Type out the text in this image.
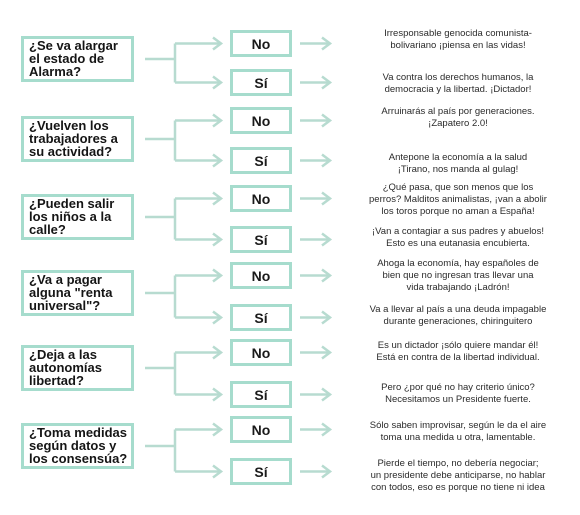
¿Se va alargar
el estado de
Alarma?
No
Irresponsable genocida comunista-
bolivariano ¡piensa en las vidas!
Sí	Va contra los derechos humanos, la
democracia y la libertad. ¡Dictador!
¿Vuelven los
trabajadores a
su actividad?
No
Arruinarás al país por generaciones.
¡Zapatero 2.0!
Sí	Antepone la economía a la salud
¡Tirano, nos manda al gulag!
¿Pueden salir
los niños a la
calle?
No
¿Qué pasa, que son menos que los
perros? Malditos animalistas, ¡van a abolir
los toros porque no aman a España!
Sí	¡Van a contagiar a sus padres y abuelos!
Esto es una eutanasia encubierta.
¿Va a pagar
alguna "renta
universal"?
No
Ahoga la economía, hay españoles de
bien que no ingresan tras llevar una
vida trabajando ¡Ladrón!
Sí	Va a llevar al país a una deuda impagable
durante generaciones, chiringuitero
¿Deja a las
autonomías
libertad?
No	Es un dictador ¡sólo quiere mandar él!
Está en contra de la libertad individual.
Sí	Pero ¿por qué no hay criterio único?
Necesitamos un Presidente fuerte.
¿Toma medidas
según datos y
los consensúa?
No	Sólo saben improvisar, según le da el aire
toma una medida u otra, lamentable.
Sí	Pierde el tiempo, no debería negociar;
un presidente debe anticiparse, no hablar
con todos, eso es porque no tiene ni idea
